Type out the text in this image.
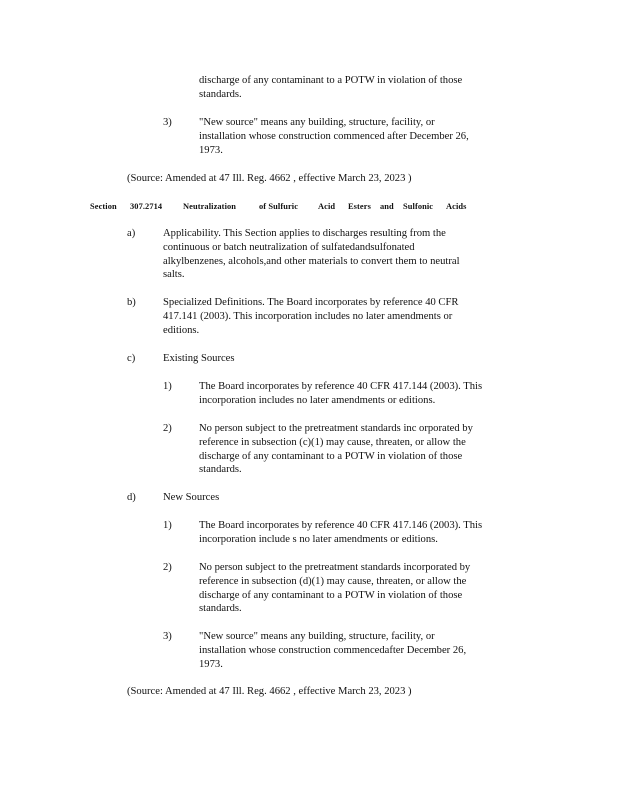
discharge of any contaminant to a POTW in violation of those
standards.

3)	"New source" means any building, structure, facility, or
installation whose construction commenced after December 26,
1973.

(Source: Amended at 47 Ill. Reg. 4662 , effective March 23, 2023 )

Section 307.2714 Neutralization	of Sulfuric Acid Esters and Sulfonic Acids
a)	Applicability. This Section applies to discharges resulting from the
continuous or batch neutralization of sulfatedandsulfonated
alkylbenzenes, alcohols,and other materials to convert them to neutral
salts.

b)	Specialized Definitions. The Board incorporates by reference 40 CFR
417.141 (2003). This incorporation includes no later amendments or
editions.

c)	Existing Sources

1)	The Board incorporates by reference 40 CFR 417.144 (2003). This
incorporation includes no later amendments or editions.

2)	No person subject to the pretreatment standards inc orporated by
reference in subsection (c)(1) may cause, threaten, or allow the
discharge of any contaminant to a POTW in violation of those
standards.

d)	New Sources

1)	The Board incorporates by reference 40 CFR 417.146 (2003). This
incorporation include s no later amendments or editions.

2)	No person subject to the pretreatment standards incorporated by
reference in subsection (d)(1) may cause, threaten, or allow the
discharge of any contaminant to a POTW in violation of those
standards.

3)	"New source" means any building, structure, facility, or
installation whose construction commencedafter December 26,
1973.

(Source: Amended at 47 Ill. Reg. 4662 , effective March 23, 2023 )
